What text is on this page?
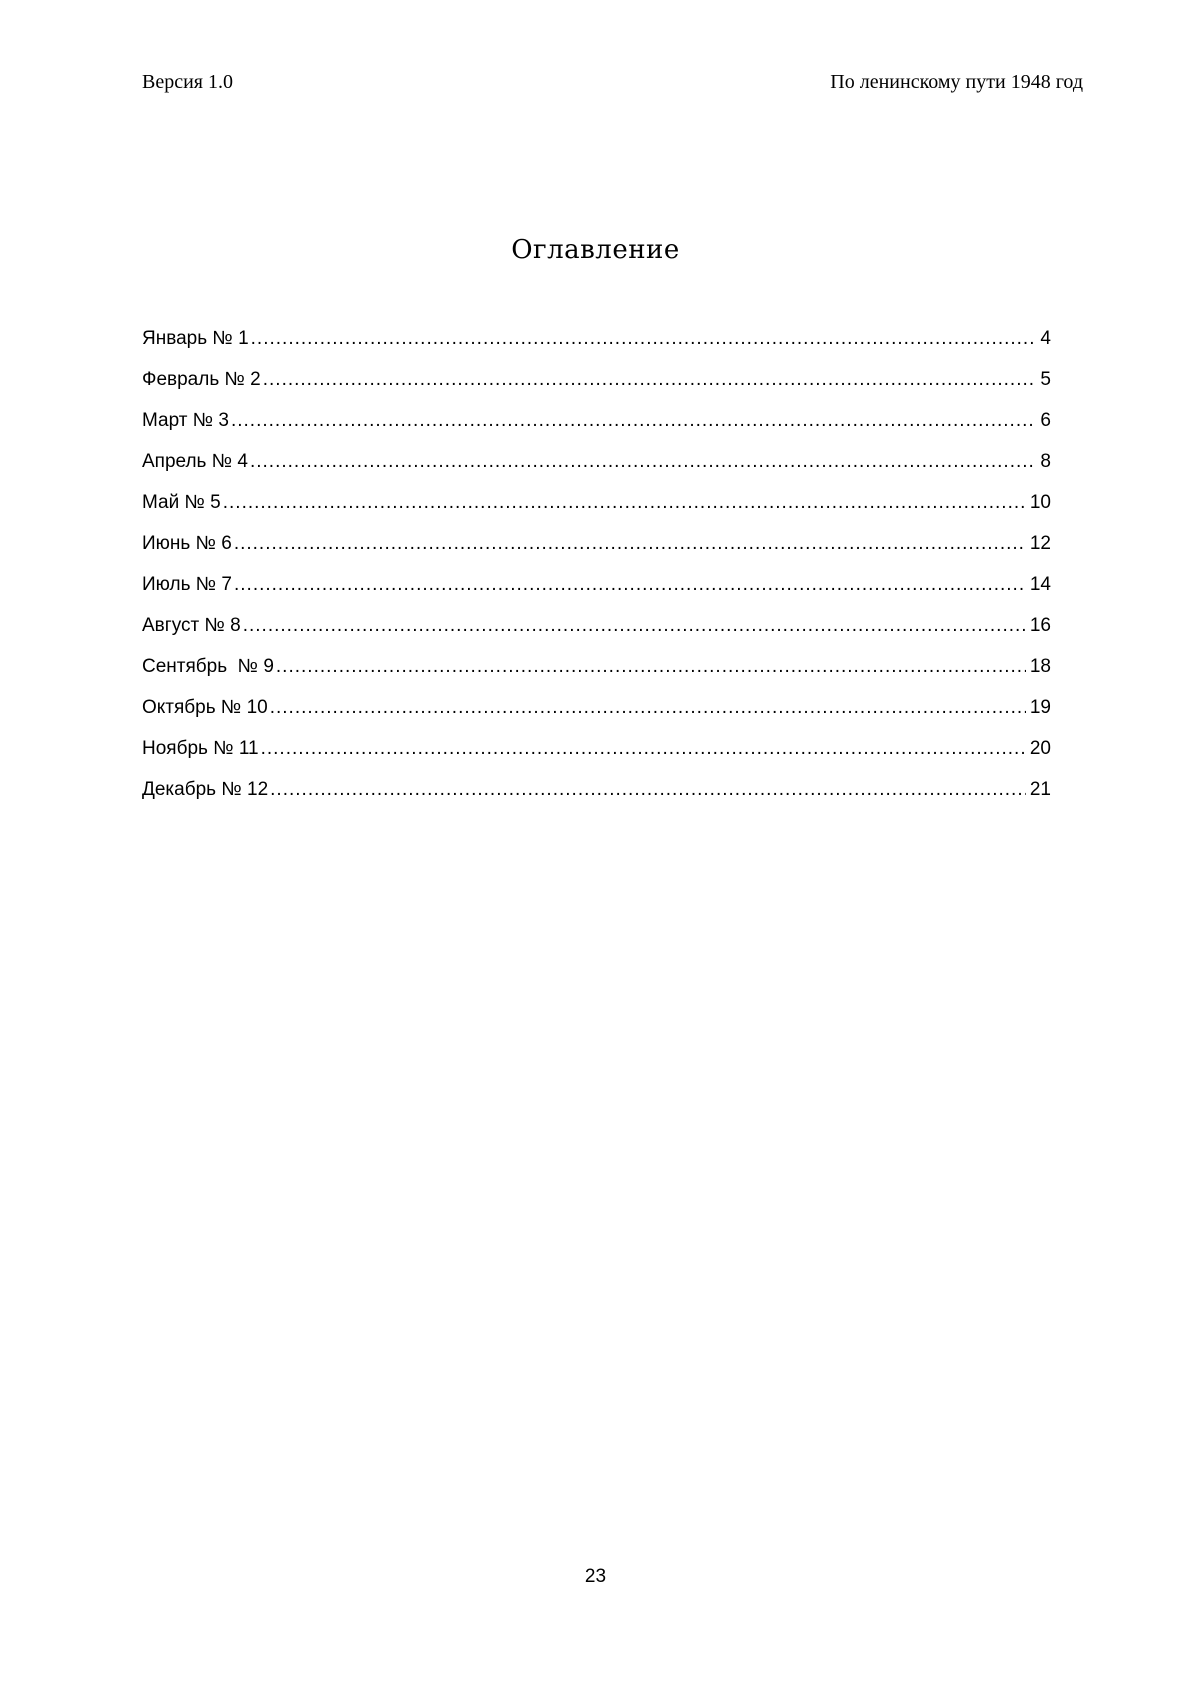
Версия 1.0	По ленинскому пути 1948 год
Оглавление
Январь № 1 .....	4
Февраль № 2 .....	5
Март № 3 .....	6
Апрель № 4 .....	8
Май № 5 .....	10
Июнь № 6 .....	12
Июль № 7 .....	14
Август № 8 .....	16
Сентябрь  № 9 .....	18
Октябрь № 10 .....	19
Ноябрь № 11 .....	20
Декабрь № 12 .....	21
23
